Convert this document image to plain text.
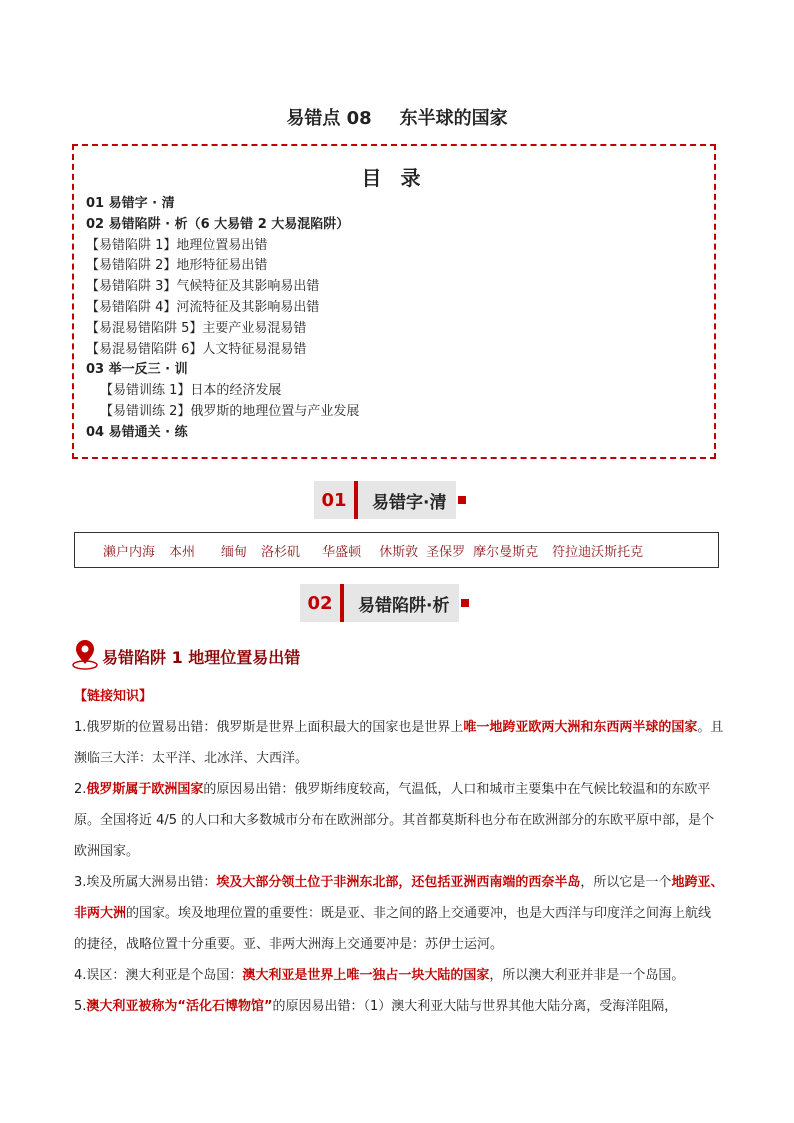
易错点 08 东半球的国家
目 录
01 易错字 · 清
02 易错陷阱 · 析（6 大易错 2 大易混陷阱）
【易错陷阱 1】地理位置易出错
【易错陷阱 2】地形特征易出错
【易错陷阱 3】气候特征及其影响易出错
【易错陷阱 4】河流特征及其影响易出错
【易混易错陷阱 5】主要产业易混易错
【易混易错陷阱 6】人文特征易混易错
03 举一反三 · 训
【易错训练 1】日本的经济发展
【易错训练 2】俄罗斯的地理位置与产业发展
04 易错通关 · 练
01	易错字·清
濑户内海 本州 缅甸 洛杉矶 华盛顿 休斯敦 圣保罗 摩尔曼斯克 符拉迪沃斯托克
02	易错陷阱·析
易错陷阱 1 地理位置易出错
【链接知识】

1.俄罗斯的位置易出错：俄罗斯是世界上面积最大的国家也是世界上唯一地跨亚欧两大洲和东西两半球的国家。且濒临三大洋：太平洋、北冰洋、大西洋。

2.俄罗斯属于欧洲国家的原因易出错：俄罗斯纬度较高，气温低，人口和城市主要集中在气候比较温和的东欧平原。全国将近 4/5 的人口和大多数城市分布在欧洲部分。其首都莫斯科也分布在欧洲部分的东欧平原中部，是个欧洲国家。

3.埃及所属大洲易出错：埃及大部分领土位于非洲东北部，还包括亚洲西南端的西奈半岛，所以它是一个地跨亚、非两大洲的国家。埃及地理位置的重要性：既是亚、非之间的路上交通要冲，也是大西洋与印度洋之间海上航线的捷径，战略位置十分重要。亚、非两大洲海上交通要冲是：苏伊士运河。

4.误区：澳大利亚是个岛国：澳大利亚是世界上唯一独占一块大陆的国家，所以澳大利亚并非是一个岛国。

5.澳大利亚被称为“活化石博物馆”的原因易出错：（1）澳大利亚大陆与世界其他大陆分离，受海洋阻隔，
